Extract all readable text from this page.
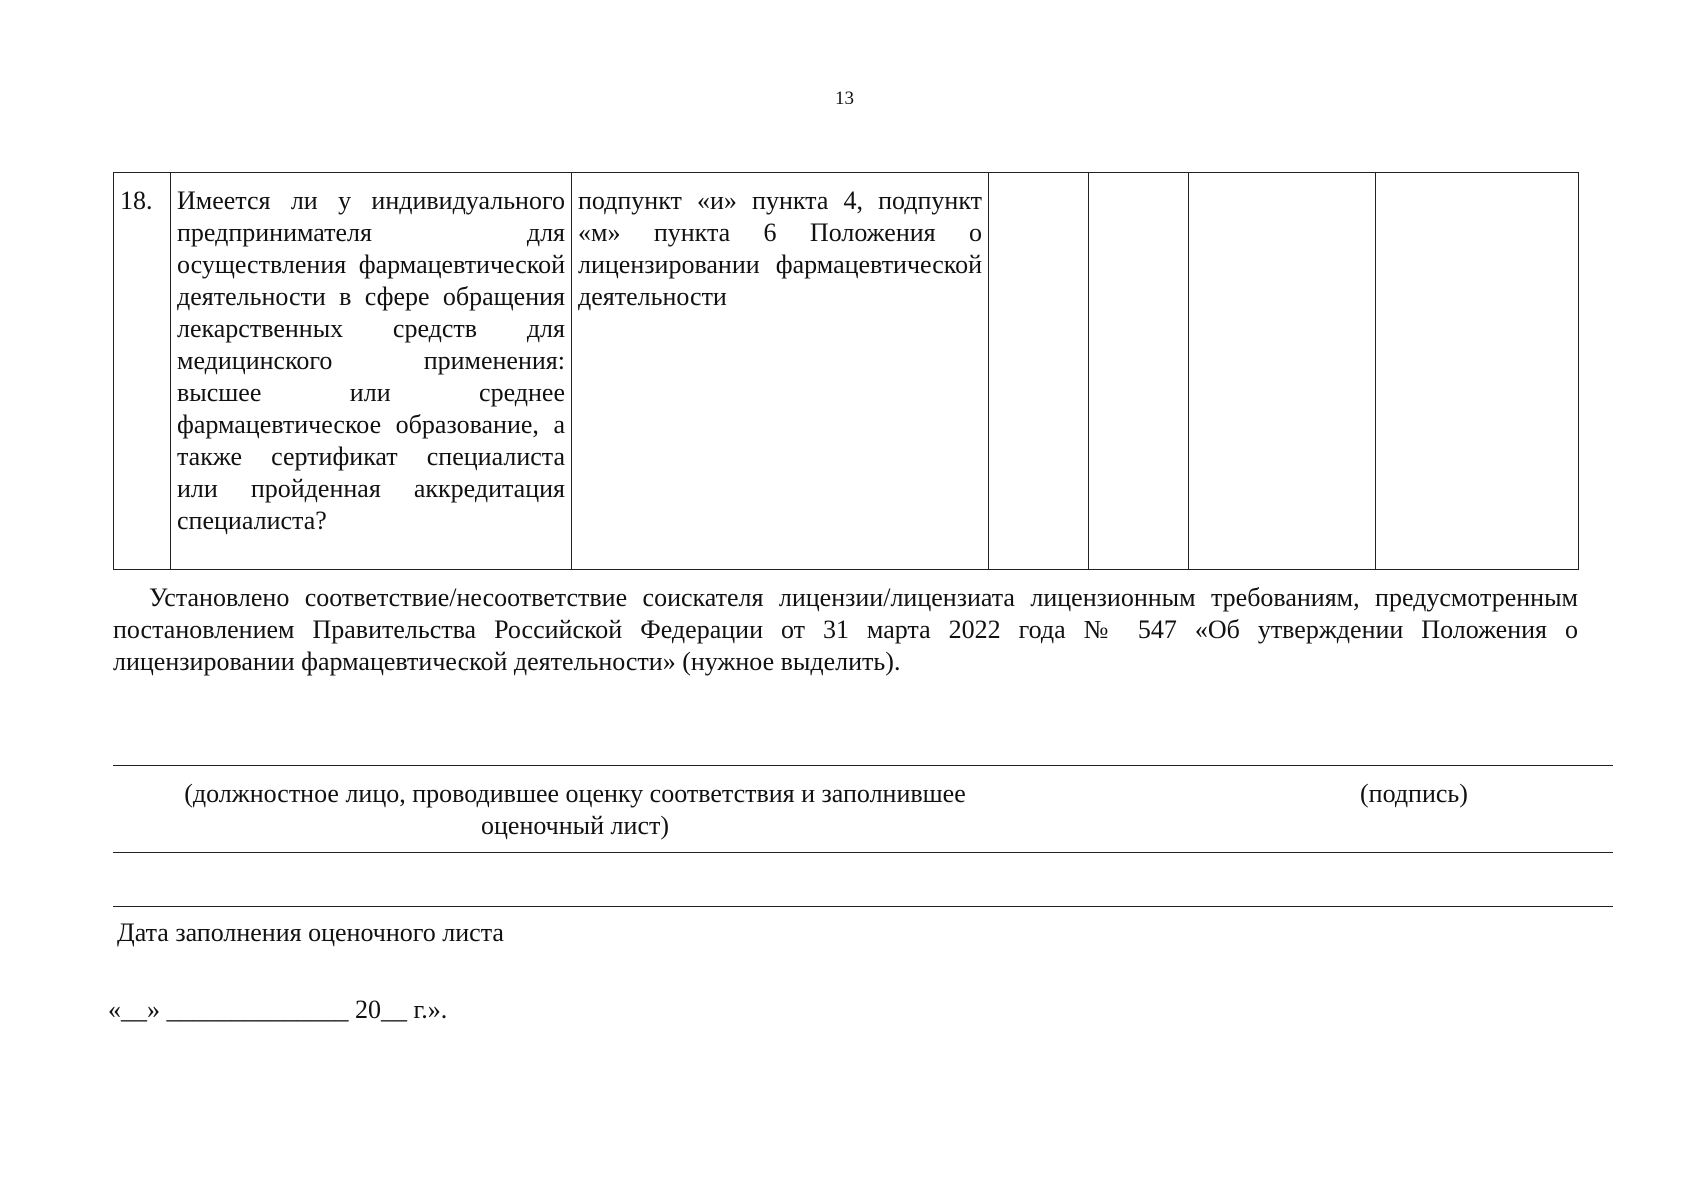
13
18.	Имеется ли у индивидуального предпринимателя для осуществления фармацевтической деятельности в сфере обращения лекарственных средств для медицинского применения: высшее или среднее фармацевтическое образование, а также сертификат специалиста или пройденная аккредитация специалиста?	подпункт «и» пункта 4, подпункт «м» пункта 6 Положения о лицензировании фармацевтической деятельности				

Установлено соответствие/несоответствие соискателя лицензии/лицензиата лицензионным требованиям, предусмотренным постановлением Правительства Российской Федерации от 31 марта 2022 года № 547 «Об утверждении Положения о лицензировании фармацевтической деятельности» (нужное выделить).

(должностное лицо, проводившее оценку соответствия и заполнившее оценочный лист)

(подпись)

Дата заполнения оценочного листа

«__» ______________ 20__ г.».
